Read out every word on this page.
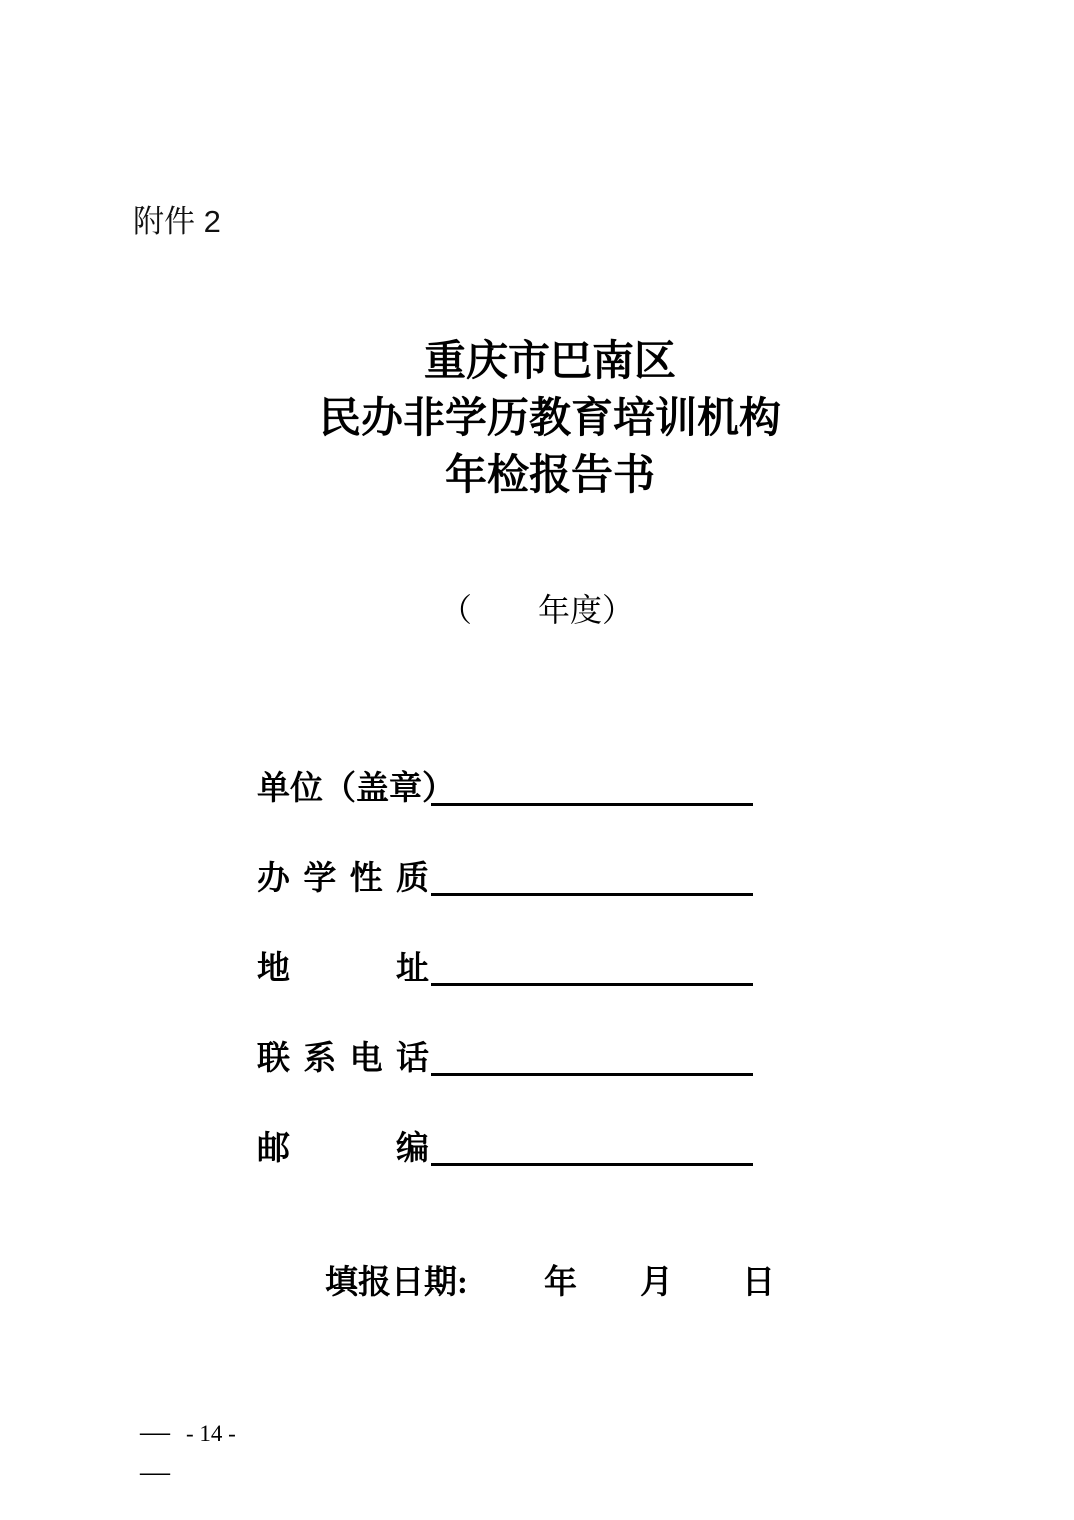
附件 2
重庆市巴南区
民办非学历教育培训机构
年检报告书
（ 年度）
单位（盖章）
办学性质
地址
联系电话
邮编
填报日期: 年 月 日
— - 14 -
—
